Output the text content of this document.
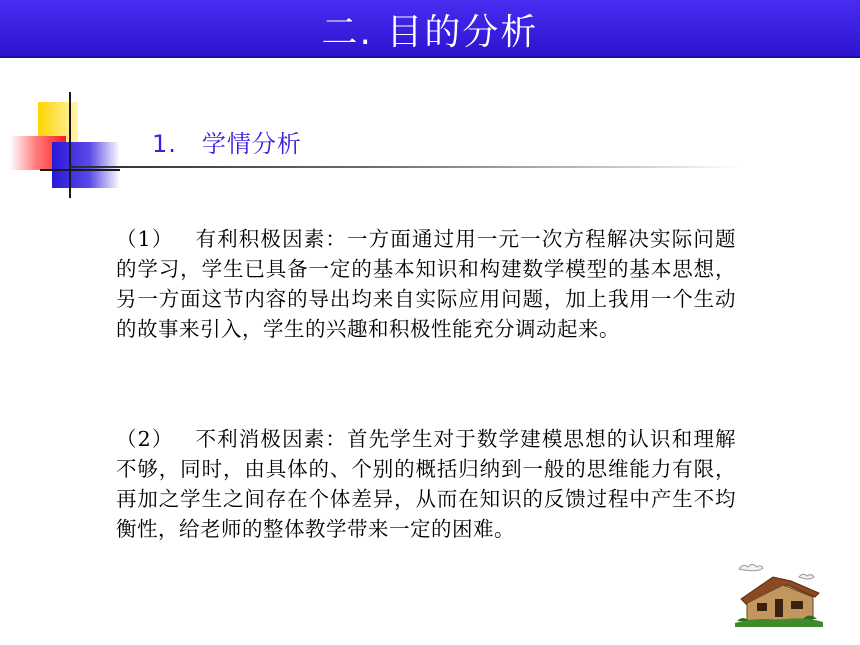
二. 目的分析
1.　学情分析
（1） 有利积极因素：一方面通过用一元一次方程解决实际问题的学习，学生已具备一定的基本知识和构建数学模型的基本思想，另一方面这节内容的导出均来自实际应用问题，加上我用一个生动的故事来引入，学生的兴趣和积极性能充分调动起来。
（2） 不利消极因素：首先学生对于数学建模思想的认识和理解不够，同时，由具体的、个别的概括归纳到一般的思维能力有限，再加之学生之间存在个体差异，从而在知识的反馈过程中产生不均衡性，给老师的整体教学带来一定的困难。
